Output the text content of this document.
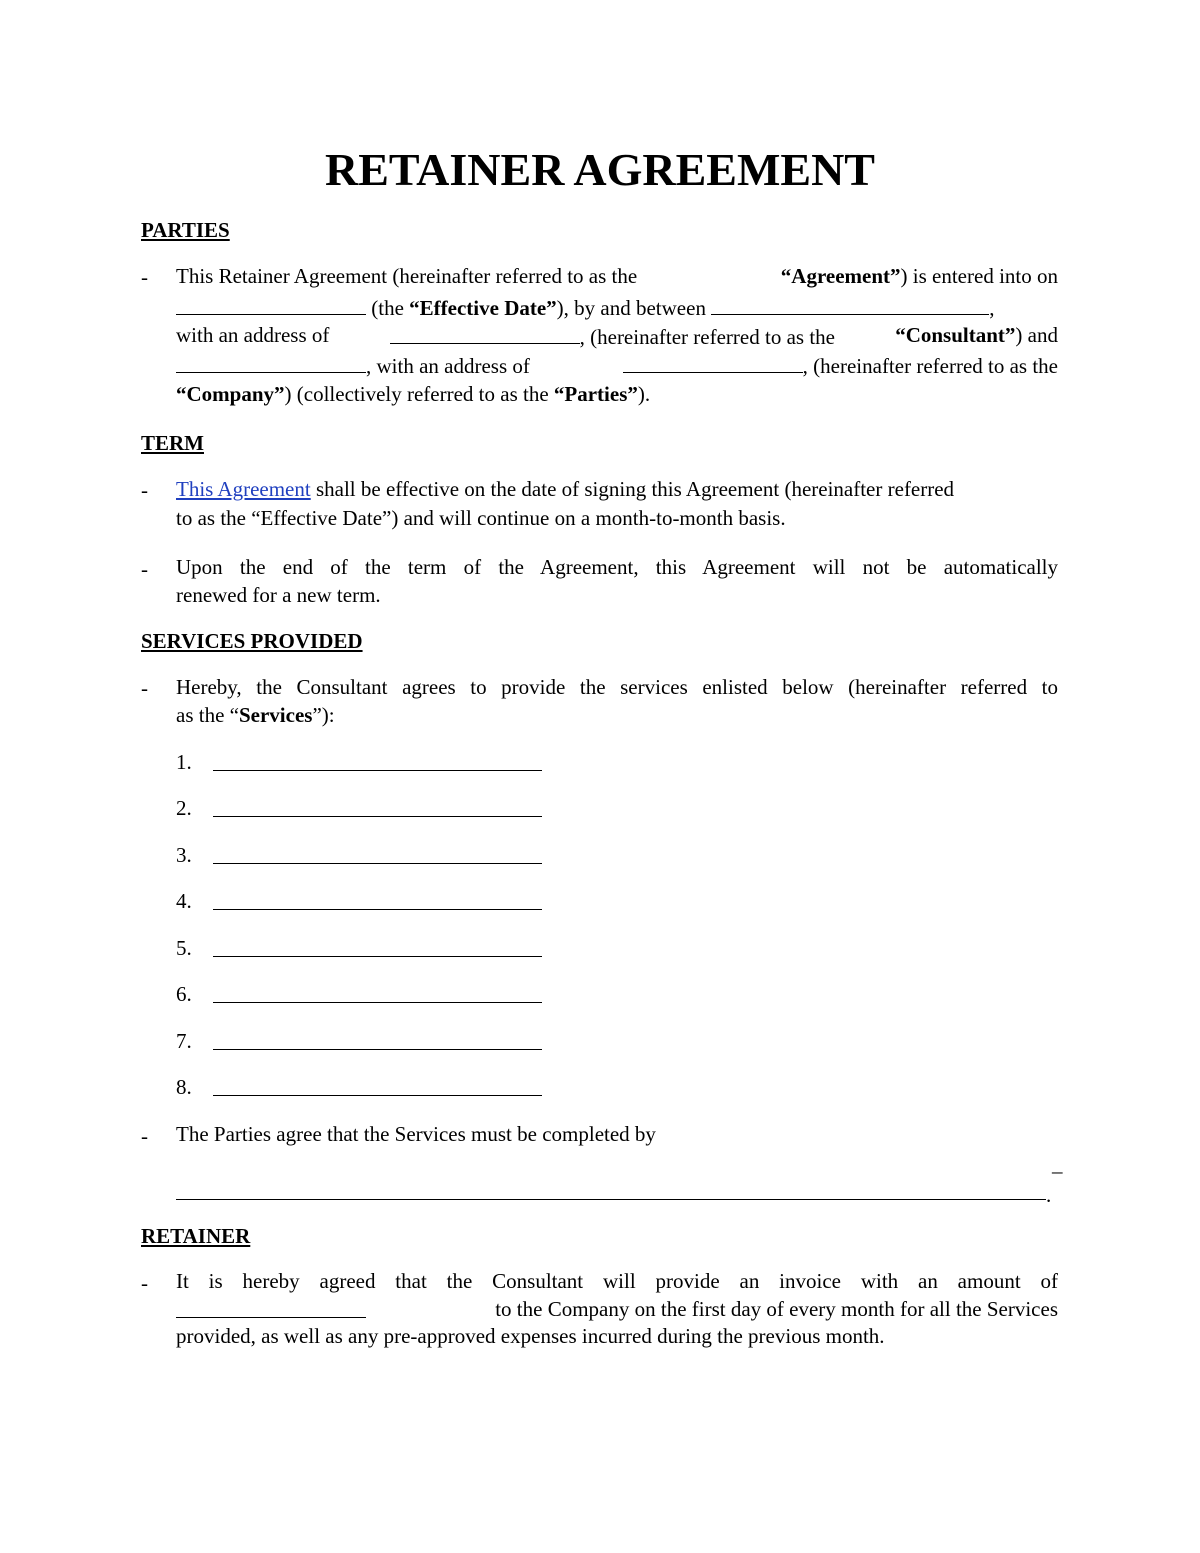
RETAINER AGREEMENT
PARTIES
- This Retainer Agreement (hereinafter referred to as the	“Agreement”) is entered into on
(the “Effective Date”), by and between	,
with an address of	, (hereinafter referred to as the	“Consultant”) and
, with an address of	, (hereinafter referred to as the
“Company”) (collectively referred to as the “Parties”).
TERM
- This Agreement shall be effective on the date of signing this Agreement (hereinafter referred
to as the “Effective Date”) and will continue on a month-to-month basis.
- Upon the end of the term of the Agreement, this Agreement will not be automatically
renewed for a new term.
SERVICES PROVIDED
- Hereby, the Consultant agrees to provide the services enlisted below (hereinafter referred to
as the “Services”):
1.
2.
3.
4.
5.
6.
7.
8.
- The Parties agree that the Services must be completed by
_
.
RETAINER
- It is hereby agreed that the Consultant will provide an invoice with an amount of
to the Company on the first day of every month for all the Services
provided, as well as any pre-approved expenses incurred during the previous month.
